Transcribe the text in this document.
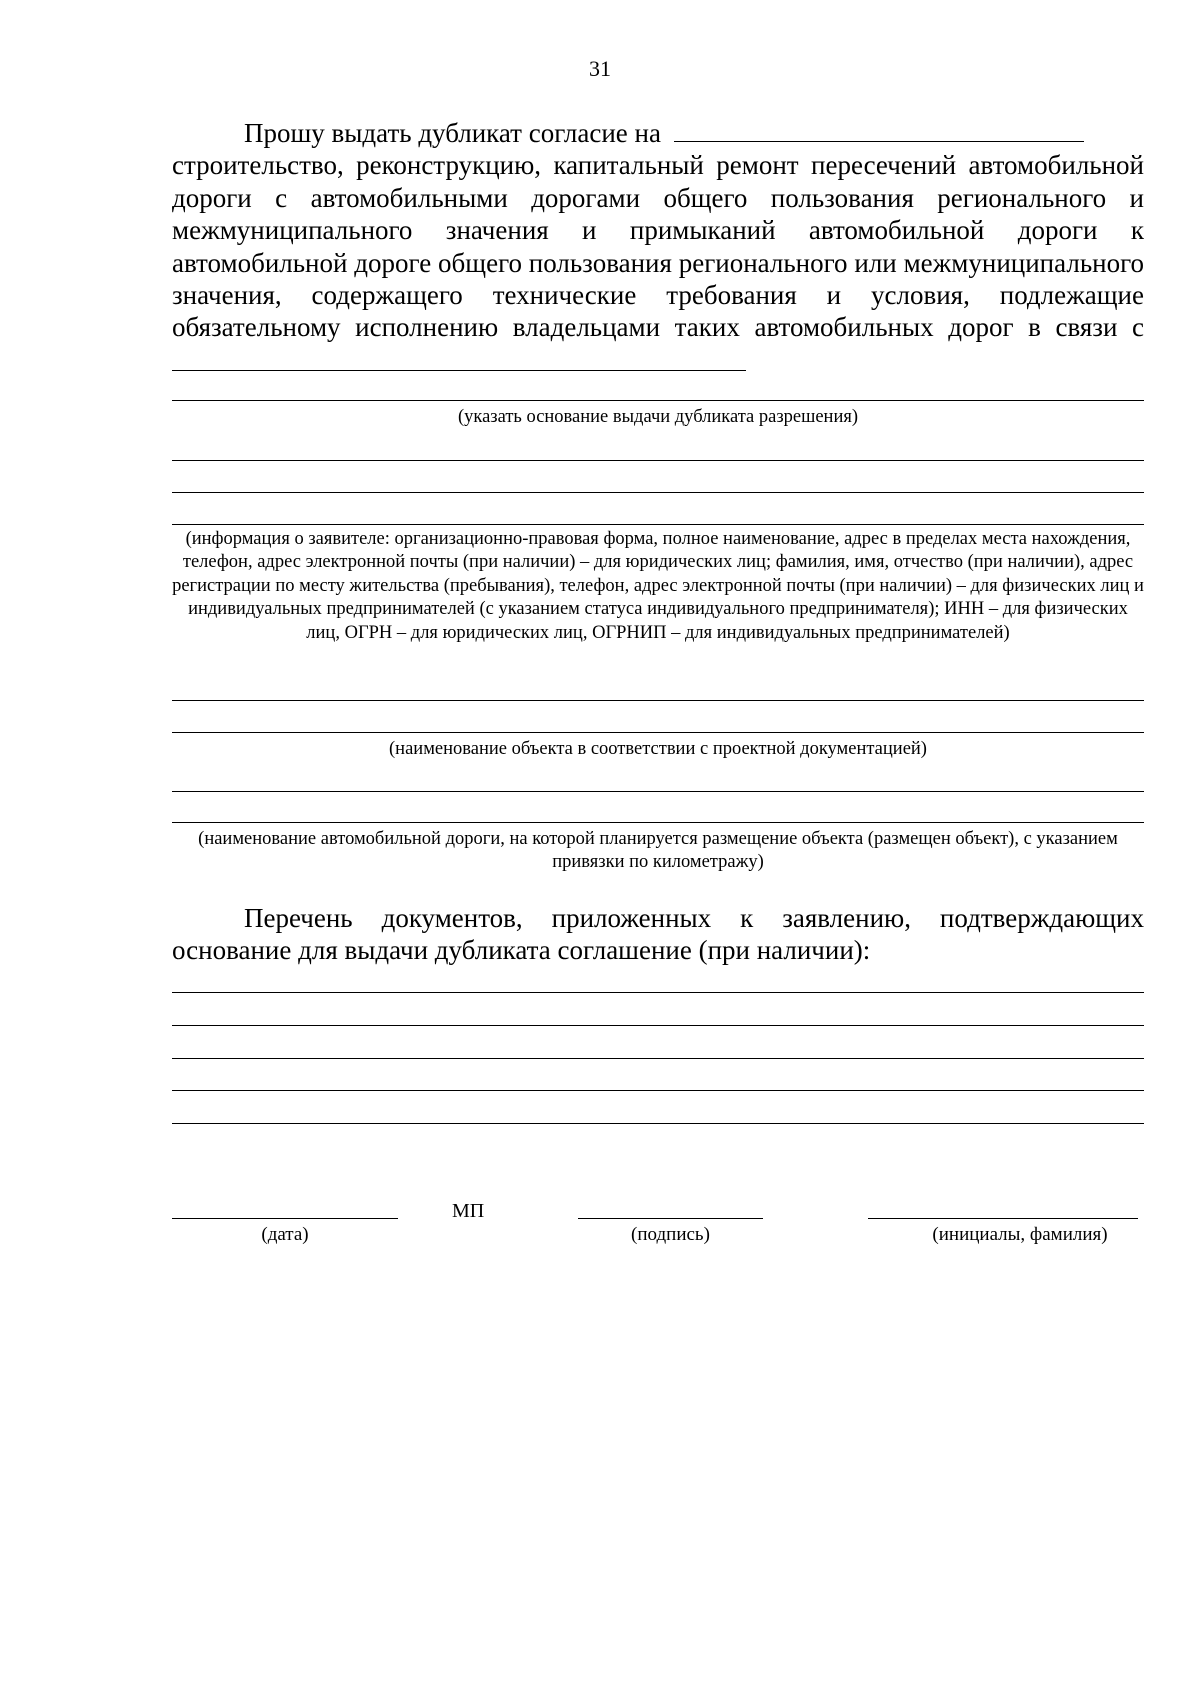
31
Прошу выдать дубликат согласие на
строительство, реконструкцию, капитальный ремонт пересечений автомобильной дороги с автомобильными дорогами общего пользования регионального и межмуниципального значения и примыканий автомобильной дороги к автомобильной дороге общего пользования регионального или межмуниципального значения, содержащего технические требования и условия, подлежащие обязательному исполнению владельцами таких автомобильных дорог в связи с
(указать основание выдачи дубликата разрешения)
(информация о заявителе: организационно-правовая форма, полное наименование, адрес в пределах места нахождения, телефон, адрес электронной почты (при наличии) – для юридических лиц; фамилия, имя, отчество (при наличии), адрес регистрации по месту жительства (пребывания), телефон, адрес электронной почты (при наличии) – для физических лиц и индивидуальных предпринимателей (с указанием статуса индивидуального предпринимателя); ИНН – для физических лиц, ОГРН – для юридических лиц, ОГРНИП – для индивидуальных предпринимателей)
(наименование объекта в соответствии с проектной документацией)
(наименование автомобильной дороги, на которой планируется размещение объекта (размещен объект), с указанием привязки по километражу)
Перечень документов, приложенных к заявлению, подтверждающих основание для выдачи дубликата соглашение (при наличии):
(дата)
МП
(подпись)	(инициалы, фамилия)
